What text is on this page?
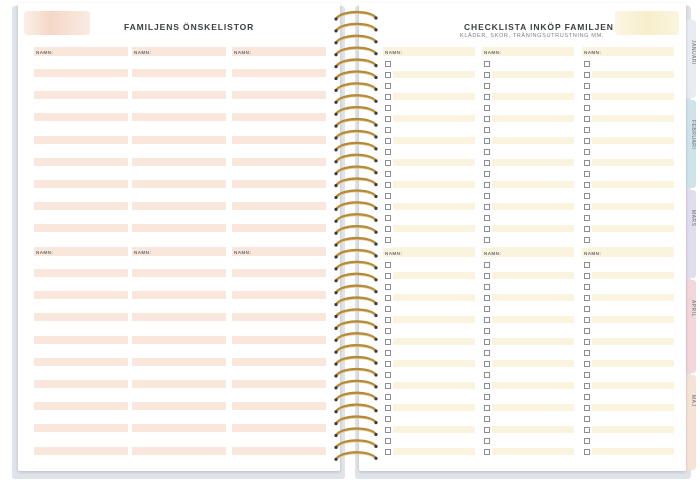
JANUARI
FEBRUARI
MARS
APRIL
MAJ
FAMILJENS ÖNSKELISTOR
NAMN:	NAMN:	NAMN:
NAMN:	NAMN:	NAMN:
CHECKLISTA INKÖP FAMILJEN
KLÄDER, SKOR, TRÄNINGSUTRUSTNING MM.
NAMN:	NAMN:	NAMN:
NAMN:	NAMN:	NAMN:
